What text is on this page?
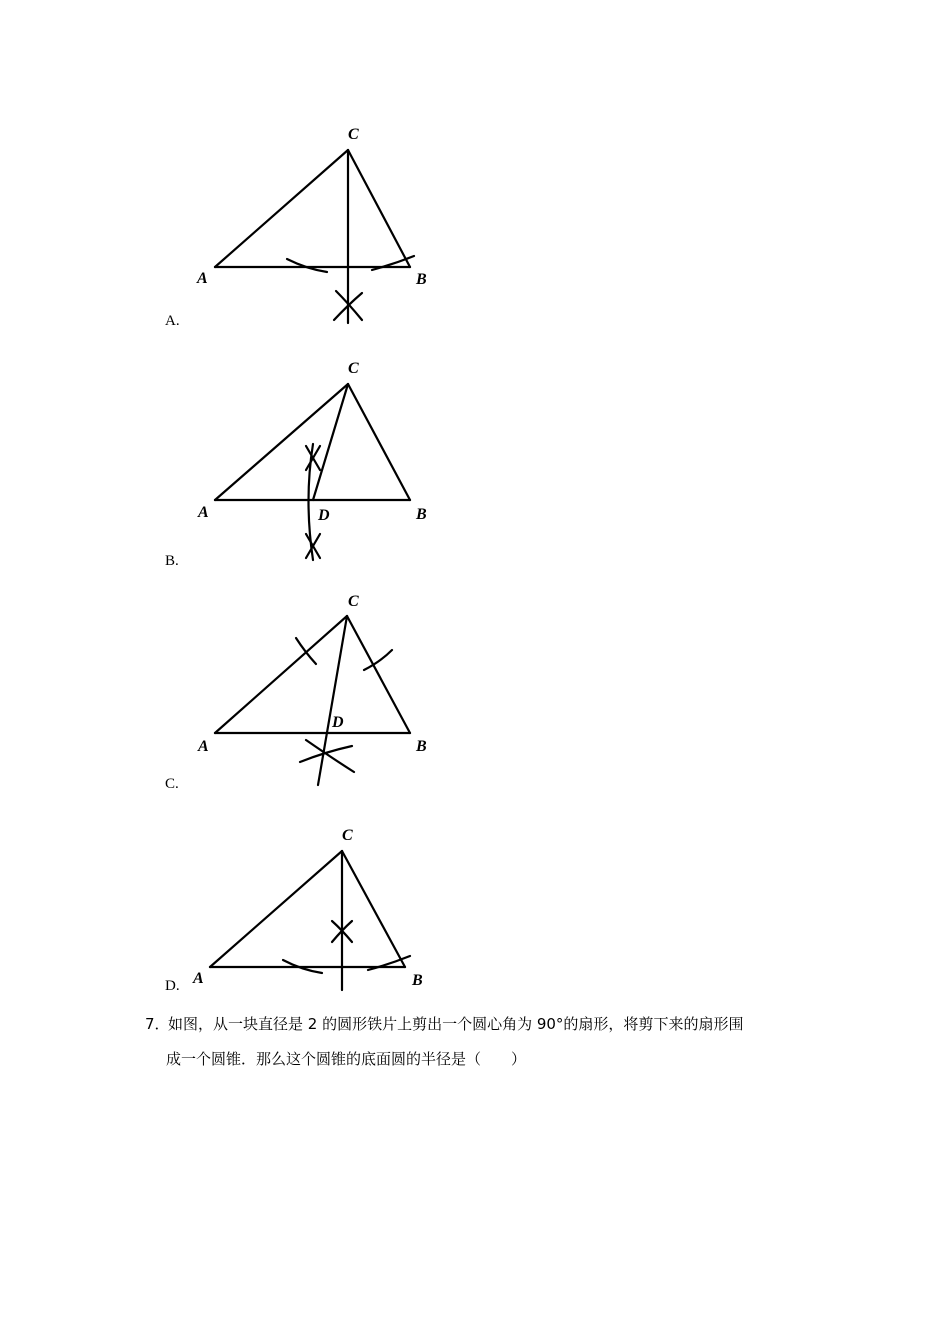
C
A	B
A.
C
A	B
D
B.
C
A	B
D
C.
C
A	B
D.
7．
如图，从一块直径是 2 的圆形铁片上剪出一个圆心角为 90°的扇形，将剪下来的扇形围
成一个圆锥．那么这个圆锥的底面圆的半径是（　　）
